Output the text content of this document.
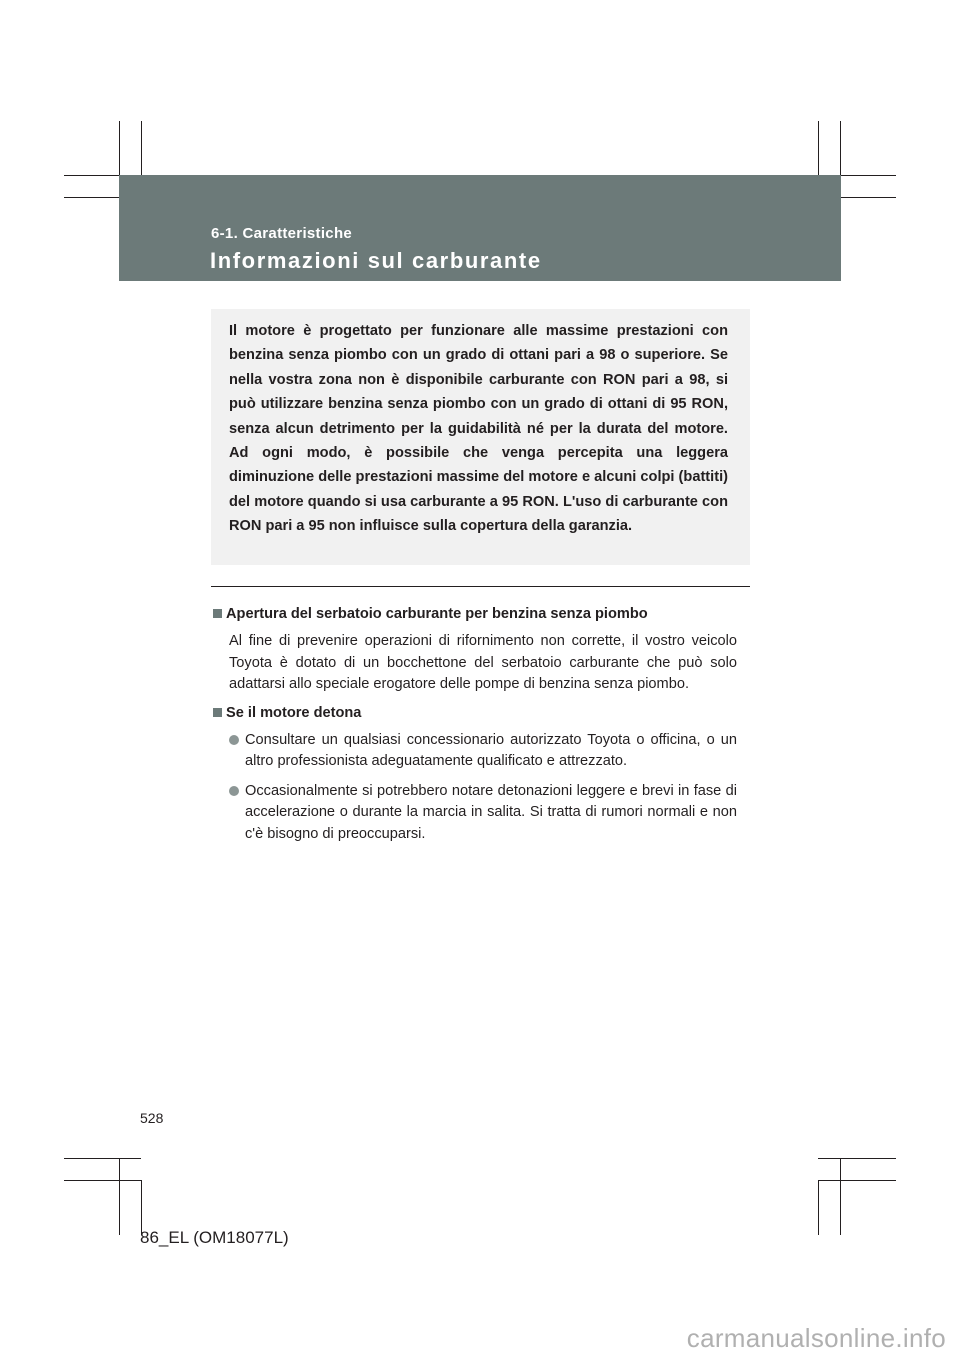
6-1. Caratteristiche
Informazioni sul carburante

Il motore è progettato per funzionare alle massime prestazioni con benzina senza piombo con un grado di ottani pari a 98 o superiore. Se nella vostra zona non è disponibile carburante con RON pari a 98, si può utilizzare benzina senza piombo con un grado di ottani di 95 RON, senza alcun detrimento per la guidabilità né per la durata del motore. Ad ogni modo, è possibile che venga percepita una leggera diminuzione delle prestazioni massime del motore e alcuni colpi (battiti) del motore quando si usa carburante a 95 RON. L'uso di carburante con RON pari a 95 non influisce sulla copertura della garanzia.

Apertura del serbatoio carburante per benzina senza piombo

Al fine di prevenire operazioni di rifornimento non corrette, il vostro veicolo Toyota è dotato di un bocchettone del serbatoio carburante che può solo adattarsi allo speciale erogatore delle pompe di benzina senza piombo.

Se il motore detona
Consultare un qualsiasi concessionario autorizzato Toyota o officina, o un altro professionista adeguatamente qualificato e attrezzato.
Occasionalmente si potrebbero notare detonazioni leggere e brevi in fase di accelerazione o durante la marcia in salita. Si tratta di rumori normali e non c'è bisogno di preoccuparsi.
528
86_EL (OM18077L)
carmanualsonline.info
